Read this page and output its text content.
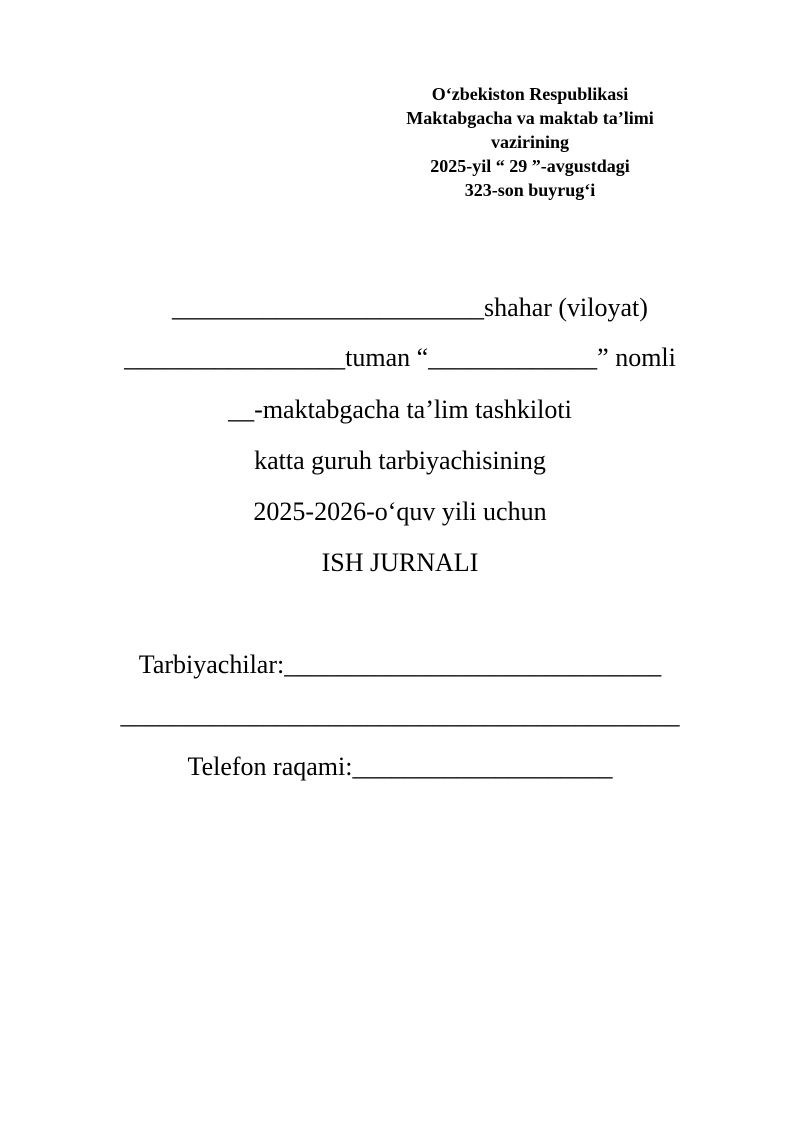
O‘zbekiston Respublikasi
Maktabgacha va maktab ta’limi
vazirining
2025-yil “ 29 ”-avgustdagi
323-son buyrug‘i
________________________shahar (viloyat)
_________________tuman “_____________” nomli
__-maktabgacha ta’lim tashkiloti
katta guruh tarbiyachisining
2025-2026-o‘quv yili uchun
ISH JURNALI
Tarbiyachilar:_____________________________
___________________________________________
Telefon raqami:____________________
